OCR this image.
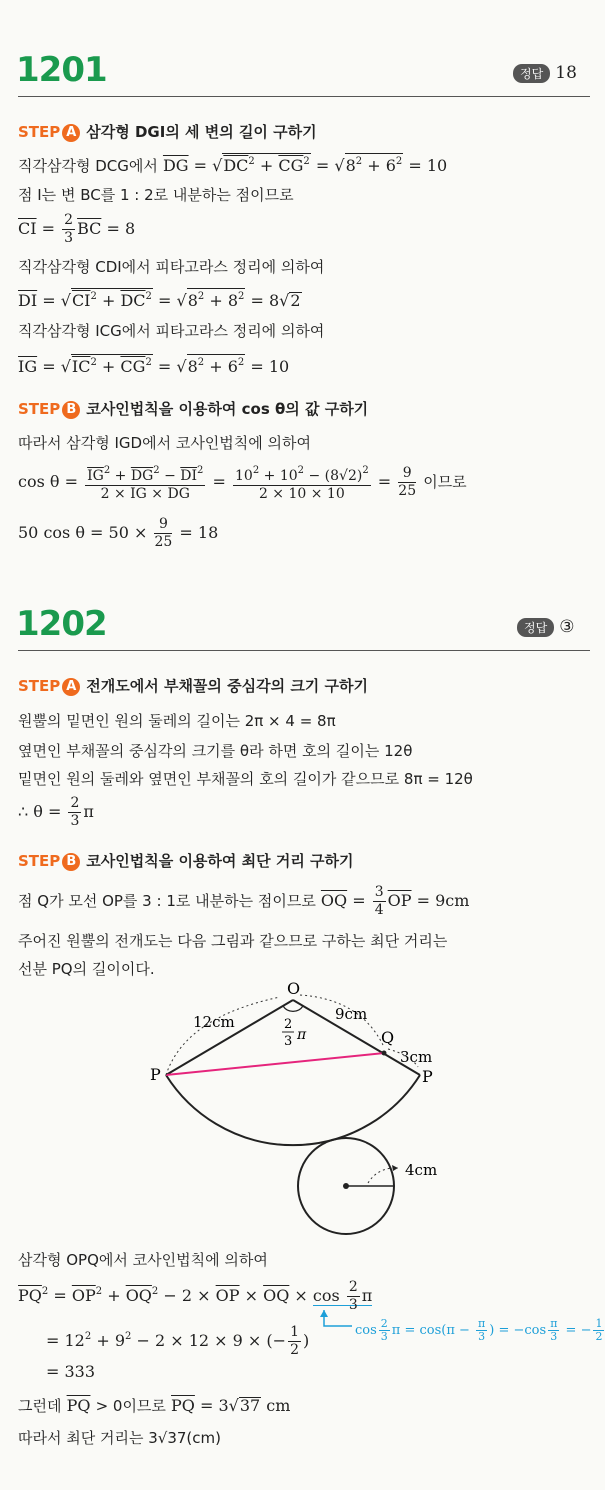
1201	정답 18
STEP A 삼각형 DGI의 세 변의 길이 구하기
직각삼각형 DCG에서 $\overline{DG} = √DC^2 + \overline{CG}^2 = √8^2 + 6^2 = 10$
점 I는 변 BC를 1 : 2로 내분하는 점이므로
$\overline{CI} = \frac{2}{3} \overline{BC} = 8$
직각삼각형 CDI에서 피타고라스 정리에 의하여
$\overline{DI} = √CI^2 + \overline{DC}^2 = √8^2 + 8^2 = 8√2$
직각삼각형 ICG에서 피타고라스 정리에 의하여
$\overline{IG} = √IC^2 + \overline{CG}^2 = √8^2 + 6^2 = 10$
STEP B 코사인법칙을 이용하여 cos θ의 값 구하기
따라서 삼각형 IGD에서 코사인법칙에 의하여
$\cos \theta = \frac{\overline{IG}^2 + \overline{DG}^2 - \overline{DI}^2}{2 \times \overline{IG} \times \overline{DG}} = \frac{10^2 + 10^2 - (8√2)^2}{2 \times 10 \times 10} = \frac{9}{25}$ 이므로
50 $\cos \theta = 50 \times \frac{9}{25} = 18$
1202	정답 ③
STEP A 전개도에서 부채꼴의 중심각의 크기 구하기
원뿔의 밑면인 원의 둘레의 길이는 2π × 4 = 8π
옆면인 부채꼴의 중심각의 크기를 θ라 하면 호의 길이는 12θ
밑면인 원의 둘레와 옆면인 부채꼴의 호의 길이가 같으므로 8π = 12θ
∴ $\theta = \frac{2}{3}$ π
STEP B 코사인법칙을 이용하여 최단 거리 구하기
점 Q가 모선 OP를 3 : 1로 내분하는 점이므로 $\overline{OQ} = \frac{3}{4} \overline{OP} = 9cm$
주어진 원뿔의 전개도는 다음 그림과 같으므로 구하는 최단 거리는
선분 PQ의 길이이다.
O
P	P
Q
12cm	9cm
3cm
4cm
2
3 π
삼각형 OPQ에서 코사인법칙에 의하여
$\overline{PQ}^2 = \overline{OP}^2 + \overline{OQ}^2 - 2 \times \overline{OP} \times \overline{OQ} \times \cos \frac{2}{3}$ π
$\cos \frac{2}{3}$ $\pi = \cos(\pi - \frac{\pi}{3}$ ) = $-\cos \frac{\pi}{3}$ = − $\frac{1}{2}$
= $12^2 + 9^2 - 2 \times 12 \times 9$ × (− $\frac{1}{2}$ )
= 333
그런데 $\overline{PQ} > 0$이므로 $\overline{PQ} = 3√37$ cm
따라서 최단 거리는 3√37(cm)
